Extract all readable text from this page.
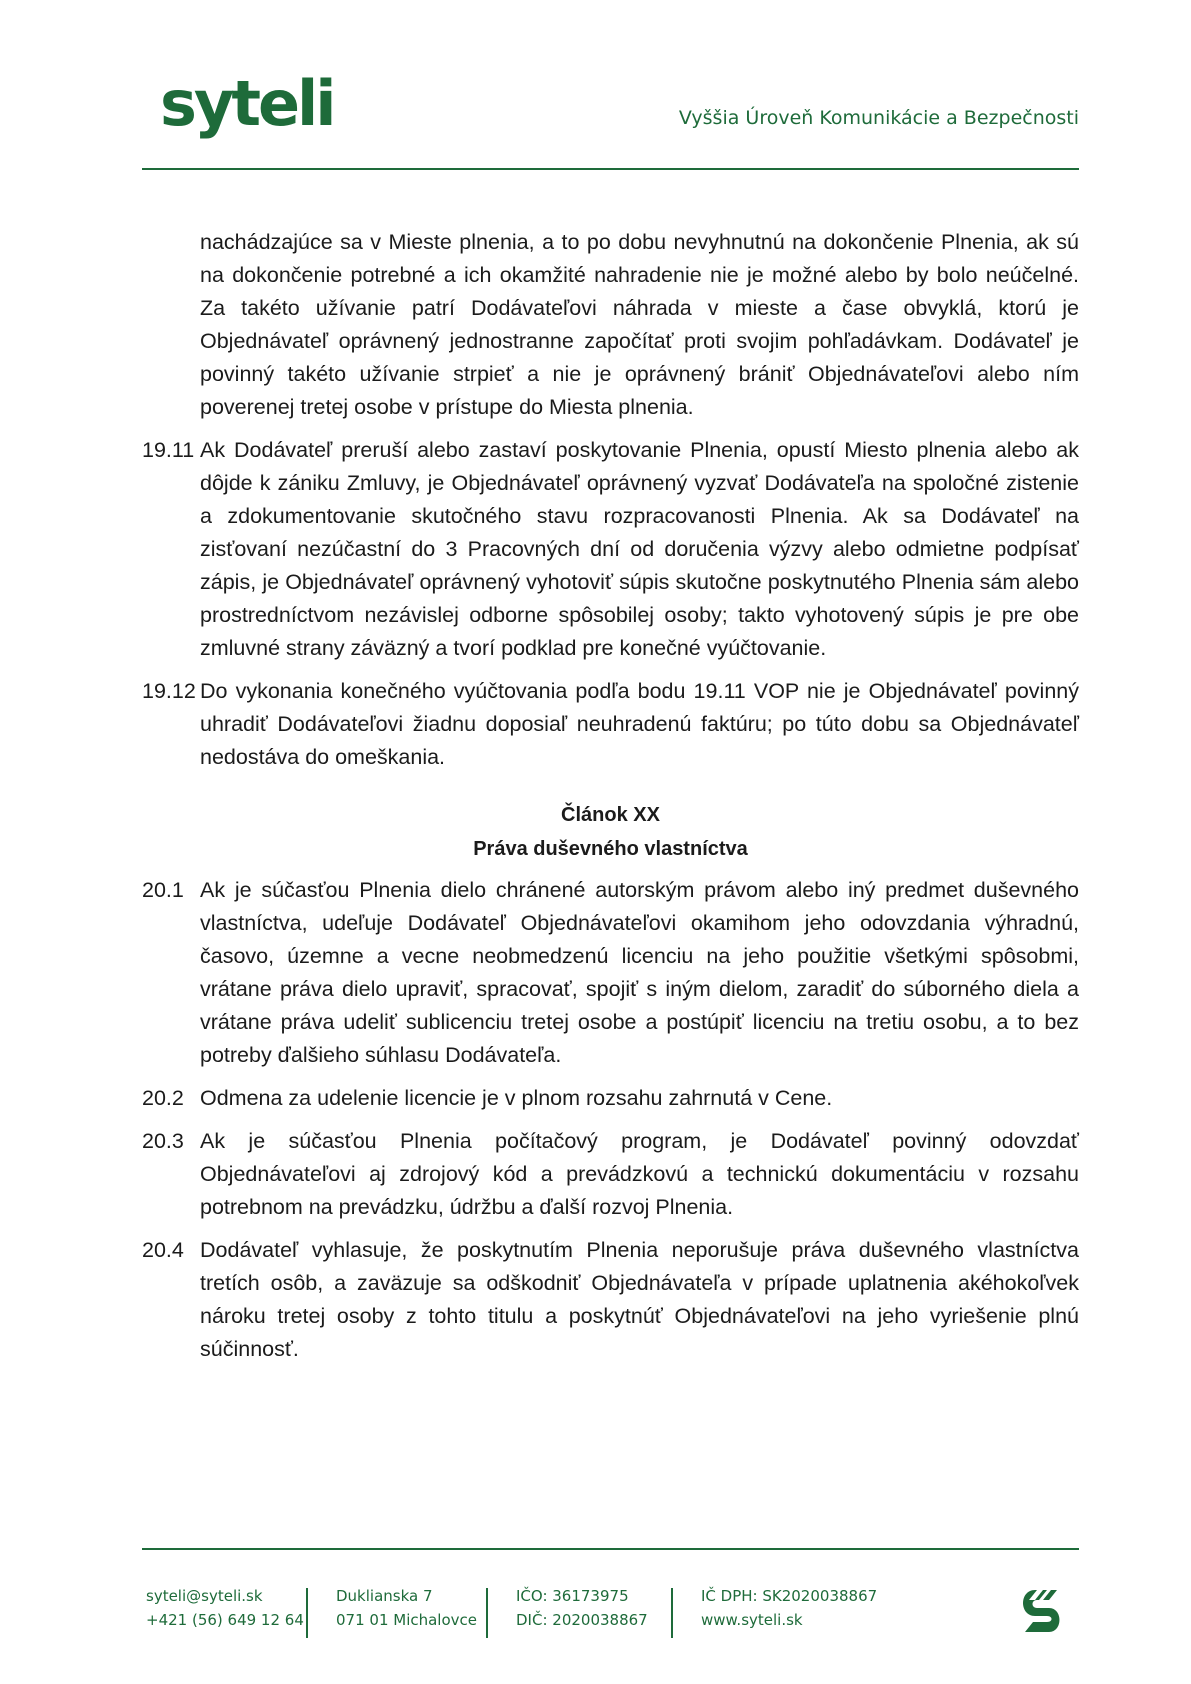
syteli	Vyššia Úroveň Komunikácie a Bezpečnosti
nachádzajúce sa v Mieste plnenia, a to po dobu nevyhnutnú na dokončenie Plnenia, ak sú na dokončenie potrebné a ich okamžité nahradenie nie je možné alebo by bolo neúčelné. Za takéto užívanie patrí Dodávateľovi náhrada v mieste a čase obvyklá, ktorú je Objednávateľ oprávnený jednostranne započítať proti svojim pohľadávkam. Dodávateľ je povinný takéto užívanie strpieť a nie je oprávnený brániť Objednávateľovi alebo ním poverenej tretej osobe v prístupe do Miesta plnenia.
19.11 Ak Dodávateľ preruší alebo zastaví poskytovanie Plnenia, opustí Miesto plnenia alebo ak dôjde k zániku Zmluvy, je Objednávateľ oprávnený vyzvať Dodávateľa na spoločné zistenie a zdokumentovanie skutočného stavu rozpracovanosti Plnenia. Ak sa Dodávateľ na zisťovaní nezúčastní do 3 Pracovných dní od doručenia výzvy alebo odmietne podpísať zápis, je Objednávateľ oprávnený vyhotoviť súpis skutočne poskytnutého Plnenia sám alebo prostredníctvom nezávislej odborne spôsobilej osoby; takto vyhotovený súpis je pre obe zmluvné strany záväzný a tvorí podklad pre konečné vyúčtovanie.
19.12 Do vykonania konečného vyúčtovania podľa bodu 19.11 VOP nie je Objednávateľ povinný uhradiť Dodávateľovi žiadnu doposiaľ neuhradenú faktúru; po túto dobu sa Objednávateľ nedostáva do omeškania.
Článok XX
Práva duševného vlastníctva
20.1 Ak je súčasťou Plnenia dielo chránené autorským právom alebo iný predmet duševného vlastníctva, udeľuje Dodávateľ Objednávateľovi okamihom jeho odovzdania výhradnú, časovo, územne a vecne neobmedzenú licenciu na jeho použitie všetkými spôsobmi, vrátane práva dielo upraviť, spracovať, spojiť s iným dielom, zaradiť do súborného diela a vrátane práva udeliť sublicenciu tretej osobe a postúpiť licenciu na tretiu osobu, a to bez potreby ďalšieho súhlasu Dodávateľa.
20.2 Odmena za udelenie licencie je v plnom rozsahu zahrnutá v Cene.
20.3 Ak je súčasťou Plnenia počítačový program, je Dodávateľ povinný odovzdať Objednávateľovi aj zdrojový kód a prevádzkovú a technickú dokumentáciu v rozsahu potrebnom na prevádzku, údržbu a ďalší rozvoj Plnenia.
20.4 Dodávateľ vyhlasuje, že poskytnutím Plnenia neporušuje práva duševného vlastníctva tretích osôb, a zaväzuje sa odškodniť Objednávateľa v prípade uplatnenia akéhokoľvek nároku tretej osoby z tohto titulu a poskytnúť Objednávateľovi na jeho vyriešenie plnú súčinnosť.
syteli@syteli.sk
+421 (56) 649 12 64
Duklianska 7
071 01 Michalovce
IČO: 36173975
DIČ: 2020038867
IČ DPH: SK2020038867
www.syteli.sk
